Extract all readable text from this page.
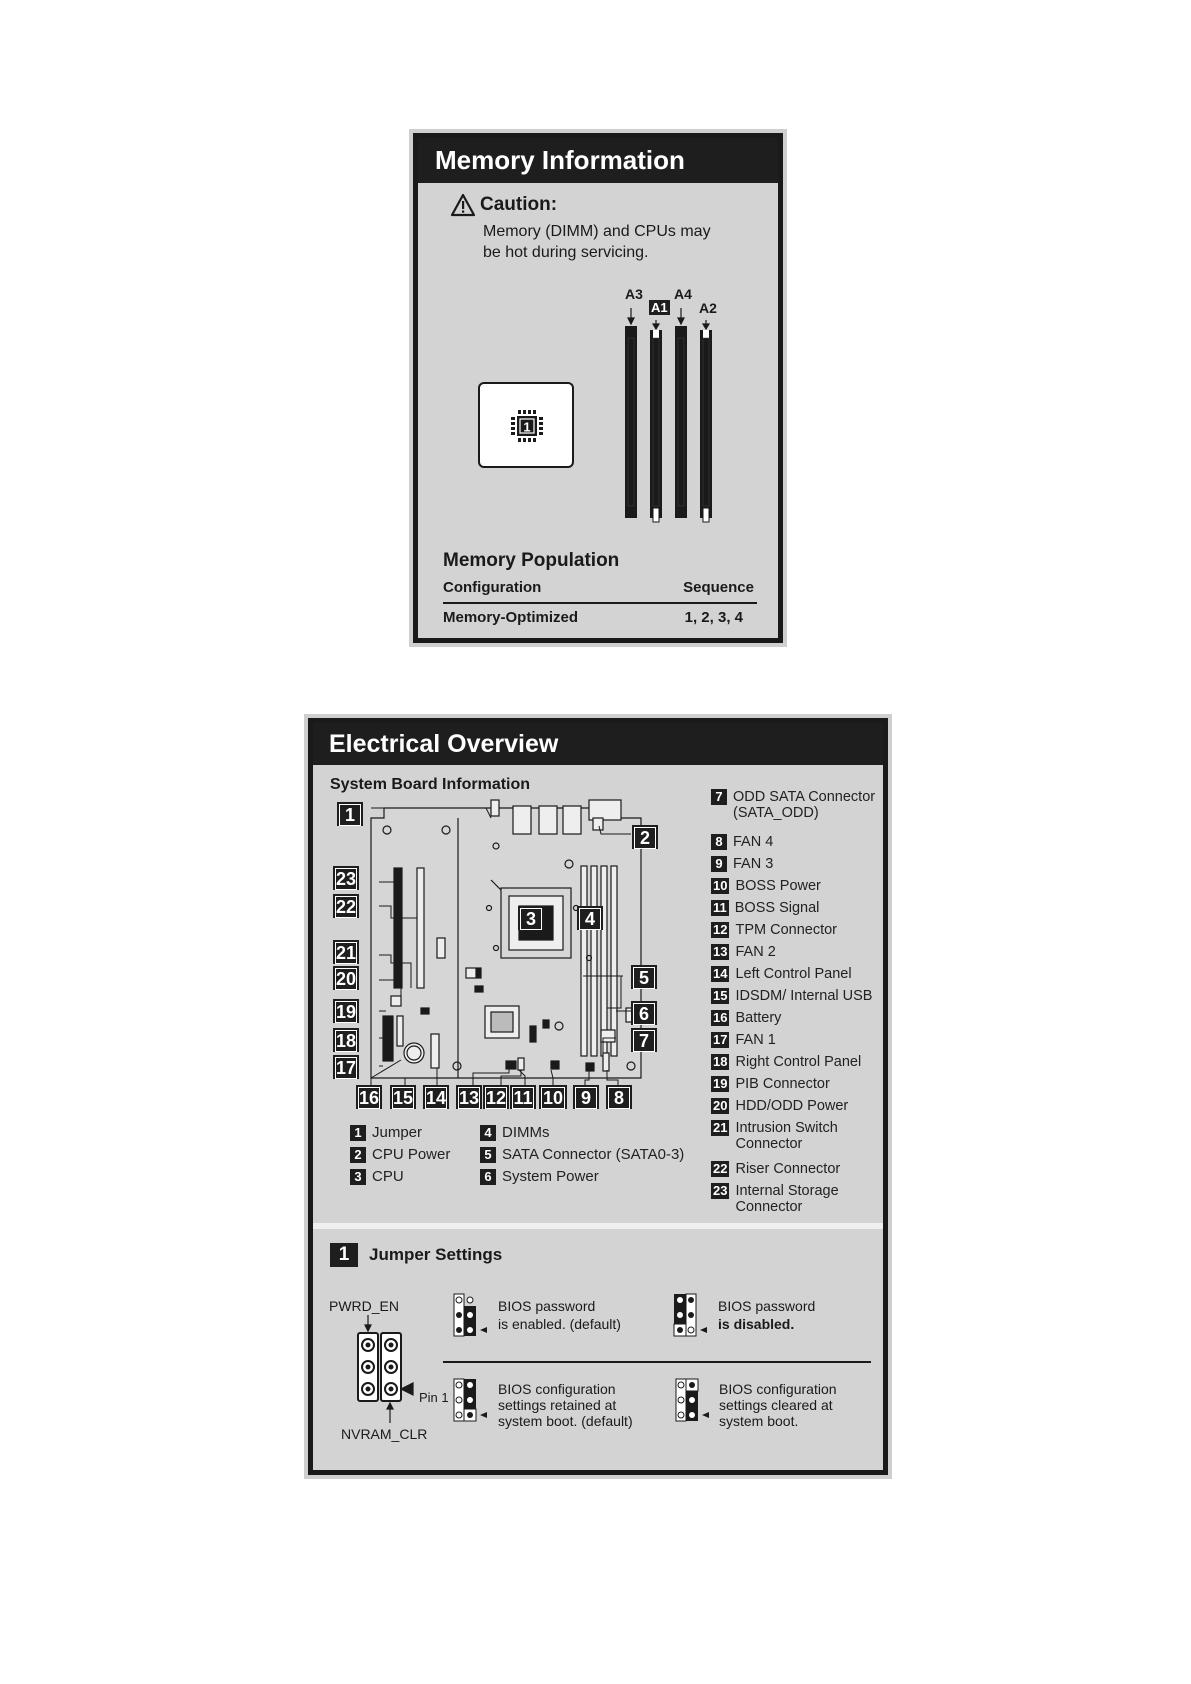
Memory Information
Caution:
Memory (DIMM) and CPUs may
be hot during servicing.
A3
A1
A4
A2
1
Memory Population
Configuration	Sequence
Memory-Optimized	1, 2, 3, 4
Electrical Overview
System Board Information
1
2
3	4
5
6
7
8
9
10
11
12
13
14
15
16
17
18
19
20
21
22
23
1 Jumper
2 CPU Power
3 CPU
4 DIMMs
5 SATA Connector (SATA0-3)
6 System Power
7 ODD SATA Connector
(SATA_ODD)
8 FAN 4
9 FAN 3
10 BOSS Power
11 BOSS Signal
12 TPM Connector
13 FAN 2
14 Left Control Panel
15 IDSDM/ Internal USB
16 Battery
17 FAN 1
18 Right Control Panel
19 PIB Connector
20 HDD/ODD Power
21 Intrusion Switch
Connector
22 Riser Connector
23 Internal Storage
Connector
1	Jumper Settings
PWRD_EN
NVRAM_CLR
Pin 1
BIOS password
is enabled. (default)
BIOS password
is disabled.
BIOS configuration
settings retained at
system boot. (default)
BIOS configuration
settings cleared at
system boot.
